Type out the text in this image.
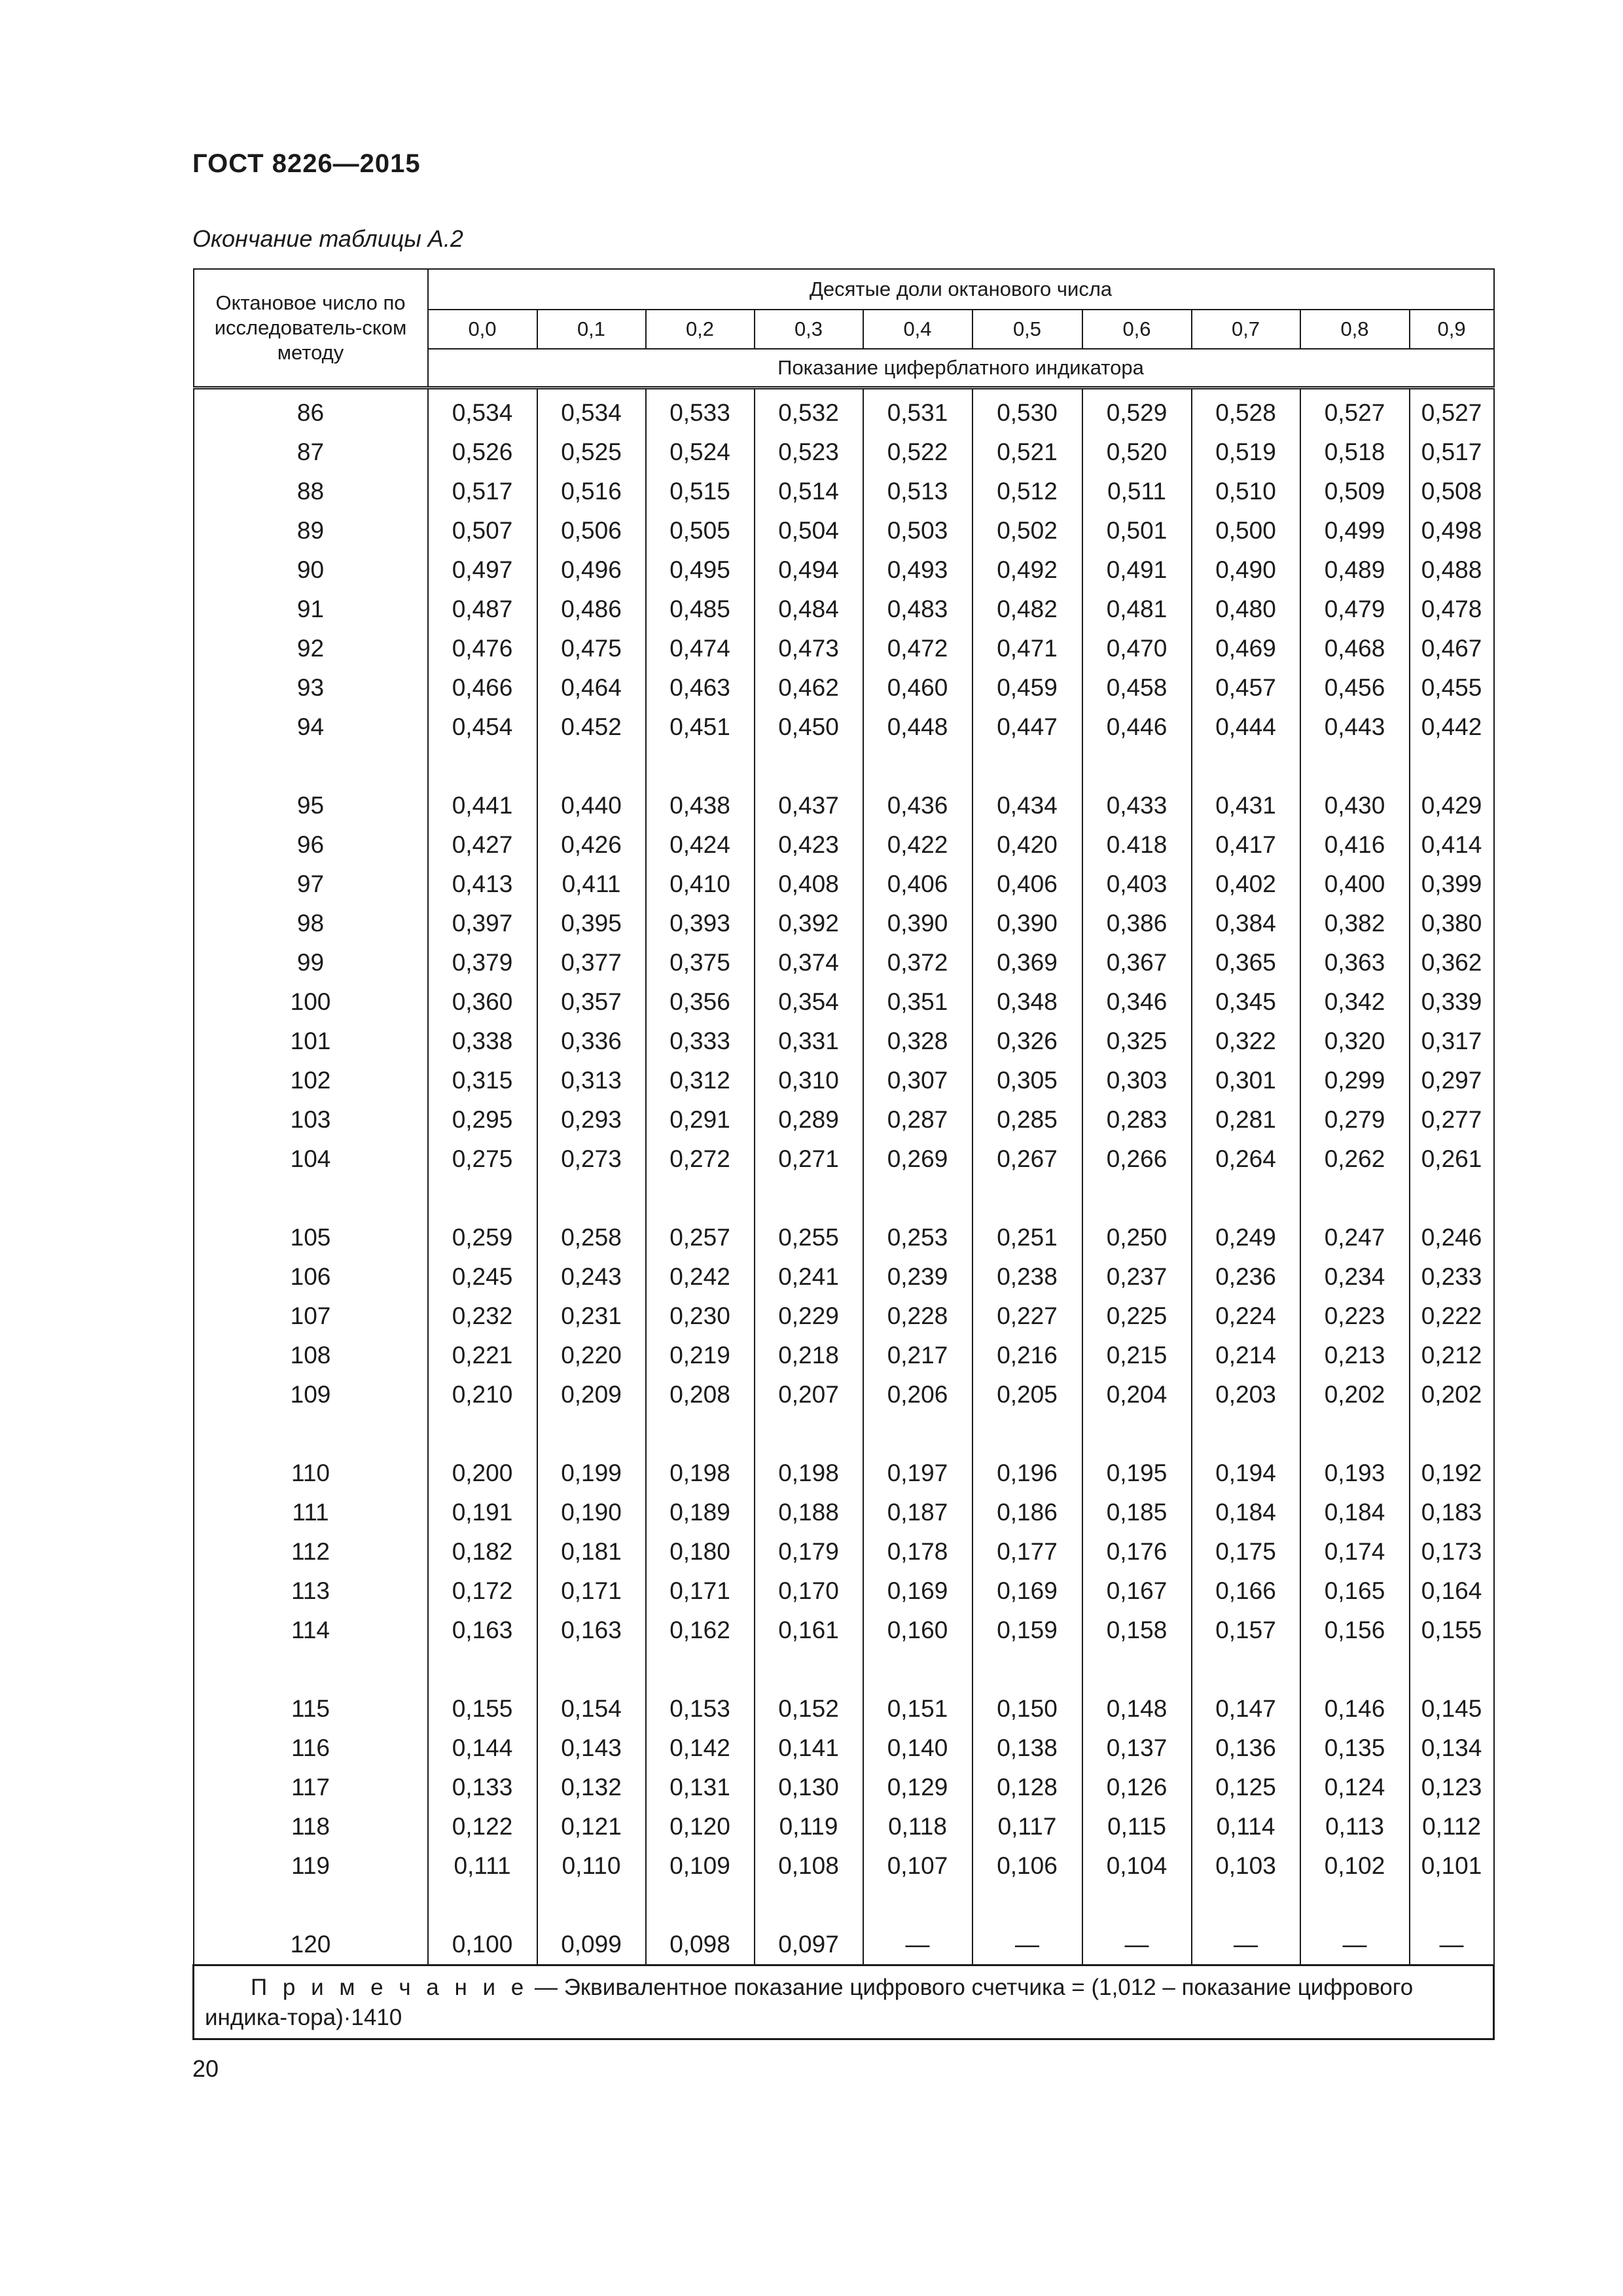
ГОСТ 8226—2015
Окончание таблицы А.2
Октановое число по исследователь-ском методу	Десятые доли октанового числа									
	0,0	0,1	0,2	0,3	0,4	0,5	0,6	0,7	0,8	0,9
	Показание циферблатного индикатора									
86	0,534	0,534	0,533	0,532	0,531	0,530	0,529	0,528	0,527	0,527
87	0,526	0,525	0,524	0,523	0,522	0,521	0,520	0,519	0,518	0,517
88	0,517	0,516	0,515	0,514	0,513	0,512	0,511	0,510	0,509	0,508
89	0,507	0,506	0,505	0,504	0,503	0,502	0,501	0,500	0,499	0,498
90	0,497	0,496	0,495	0,494	0,493	0,492	0,491	0,490	0,489	0,488
91	0,487	0,486	0,485	0,484	0,483	0,482	0,481	0,480	0,479	0,478
92	0,476	0,475	0,474	0,473	0,472	0,471	0,470	0,469	0,468	0,467
93	0,466	0,464	0,463	0,462	0,460	0,459	0,458	0,457	0,456	0,455
94	0,454	0.452	0,451	0,450	0,448	0,447	0,446	0,444	0,443	0,442

95	0,441	0,440	0,438	0,437	0,436	0,434	0,433	0,431	0,430	0,429
96	0,427	0,426	0,424	0,423	0,422	0,420	0.418	0,417	0,416	0,414
97	0,413	0,411	0,410	0,408	0,406	0,406	0,403	0,402	0,400	0,399
98	0,397	0,395	0,393	0,392	0,390	0,390	0,386	0,384	0,382	0,380
99	0,379	0,377	0,375	0,374	0,372	0,369	0,367	0,365	0,363	0,362
100	0,360	0,357	0,356	0,354	0,351	0,348	0,346	0,345	0,342	0,339
101	0,338	0,336	0,333	0,331	0,328	0,326	0,325	0,322	0,320	0,317
102	0,315	0,313	0,312	0,310	0,307	0,305	0,303	0,301	0,299	0,297
103	0,295	0,293	0,291	0,289	0,287	0,285	0,283	0,281	0,279	0,277
104	0,275	0,273	0,272	0,271	0,269	0,267	0,266	0,264	0,262	0,261

105	0,259	0,258	0,257	0,255	0,253	0,251	0,250	0,249	0,247	0,246
106	0,245	0,243	0,242	0,241	0,239	0,238	0,237	0,236	0,234	0,233
107	0,232	0,231	0,230	0,229	0,228	0,227	0,225	0,224	0,223	0,222
108	0,221	0,220	0,219	0,218	0,217	0,216	0,215	0,214	0,213	0,212
109	0,210	0,209	0,208	0,207	0,206	0,205	0,204	0,203	0,202	0,202

110	0,200	0,199	0,198	0,198	0,197	0,196	0,195	0,194	0,193	0,192
111	0,191	0,190	0,189	0,188	0,187	0,186	0,185	0,184	0,184	0,183
112	0,182	0,181	0,180	0,179	0,178	0,177	0,176	0,175	0,174	0,173
113	0,172	0,171	0,171	0,170	0,169	0,169	0,167	0,166	0,165	0,164
114	0,163	0,163	0,162	0,161	0,160	0,159	0,158	0,157	0,156	0,155

115	0,155	0,154	0,153	0,152	0,151	0,150	0,148	0,147	0,146	0,145
116	0,144	0,143	0,142	0,141	0,140	0,138	0,137	0,136	0,135	0,134
117	0,133	0,132	0,131	0,130	0,129	0,128	0,126	0,125	0,124	0,123
118	0,122	0,121	0,120	0,119	0,118	0,117	0,115	0,114	0,113	0,112
119	0,111	0,110	0,109	0,108	0,107	0,106	0,104	0,103	0,102	0,101

120	0,100	0,099	0,098	0,097	—	—	—	—	—	—
П р и м е ч а н и е — Эквивалентное показание цифрового счетчика = (1,012 – показание цифрового индика-тора)·1410										
20
